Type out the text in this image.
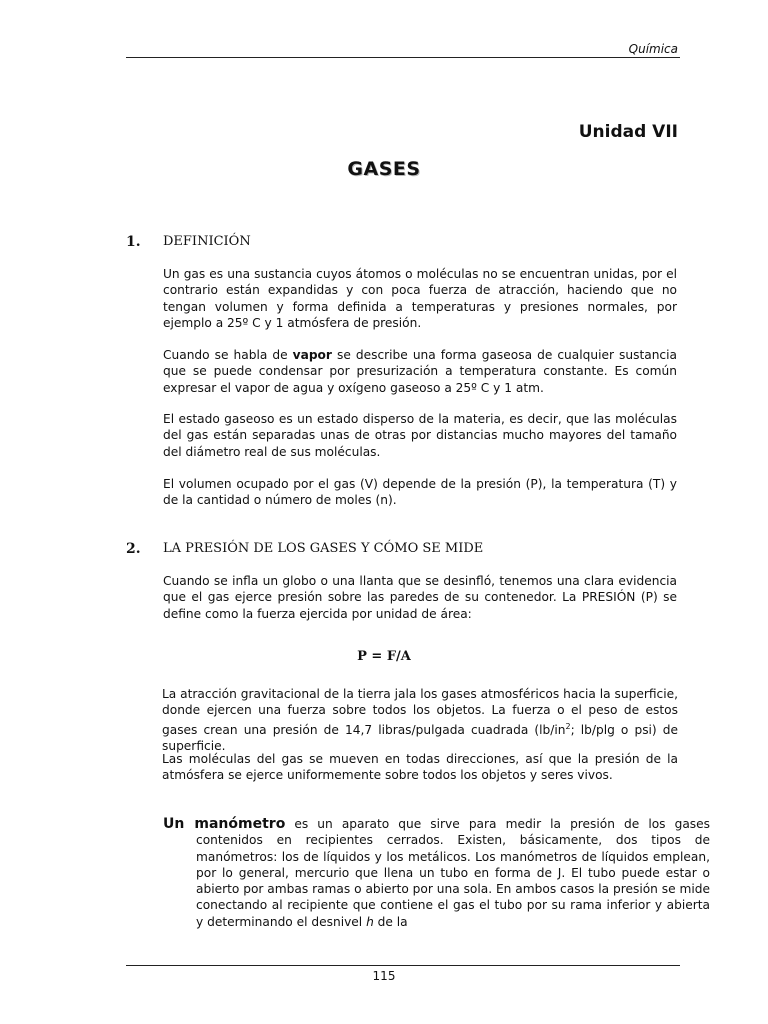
Química
Unidad VII
GASES
1. DEFINICIÓN

Un gas es una sustancia cuyos átomos o moléculas no se encuentran unidas, por el contrario están expandidas y con poca fuerza de atracción, haciendo que no tengan volumen y forma definida a temperaturas y presiones normales, por ejemplo a 25º C y 1 atmósfera de presión.

Cuando se habla de vapor se describe una forma gaseosa de cualquier sustancia que se puede condensar por presurización a temperatura constante. Es común expresar el vapor de agua y oxígeno gaseoso a 25º C y 1 atm.

El estado gaseoso es un estado disperso de la materia, es decir, que las moléculas del gas están separadas unas de otras por distancias mucho mayores del tamaño del diámetro real de sus moléculas.

El volumen ocupado por el gas (V) depende de la presión (P), la temperatura (T) y de la cantidad o número de moles (n).

2. LA PRESIÓN DE LOS GASES Y CÓMO SE MIDE

Cuando se infla un globo o una llanta que se desinfló, tenemos una clara evidencia que el gas ejerce presión sobre las paredes de su contenedor. La PRESIÓN (P) se define como la fuerza ejercida por unidad de área:

P = F/A

La atracción gravitacional de la tierra jala los gases atmosféricos hacia la superficie, donde ejercen una fuerza sobre todos los objetos. La fuerza o el peso de estos gases crean una presión de 14,7 libras/pulgada cuadrada ($lb/in^2$; lb/plg o psi) de superficie.

Las moléculas del gas se mueven en todas direcciones, así que la presión de la atmósfera se ejerce uniformemente sobre todos los objetos y seres vivos.

Un manómetro es un aparato que sirve para medir la presión de los gases contenidos en recipientes cerrados. Existen, básicamente, dos tipos de manómetros: los de líquidos y los metálicos. Los manómetros de líquidos emplean, por lo general, mercurio que llena un tubo en forma de J. El tubo puede estar o abierto por ambas ramas o abierto por una sola. En ambos casos la presión se mide conectando al recipiente que contiene el gas el tubo por su rama inferior y abierta y determinando el desnivel h de la

115
